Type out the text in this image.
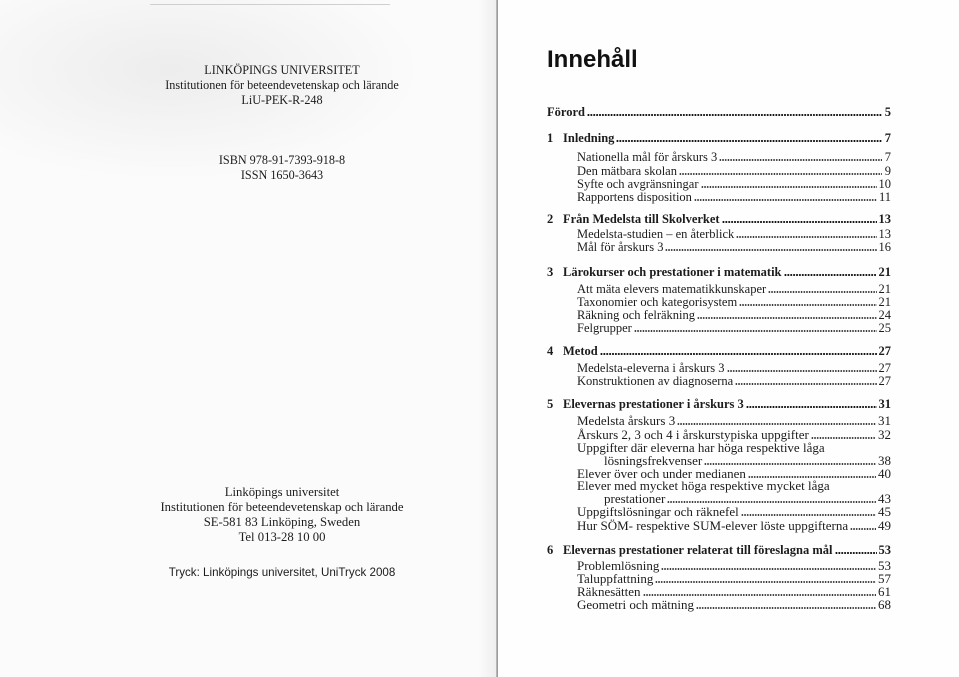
LINKÖPINGS UNIVERSITET
Institutionen för beteendevetenskap och lärande
LiU-PEK-R-248
ISBN 978-91-7393-918-8
ISSN 1650-3643
Linköpings universitet
Institutionen för beteendevetenskap och lärande
SE-581 83 Linköping, Sweden
Tel 013-28 10 00
Tryck: Linköpings universitet, UniTryck 2008
Innehåll
Förord	5
1 Inledning	7
Nationella mål för årskurs 3	7
Den mätbara skolan	9
Syfte och avgränsningar	10
Rapportens disposition	11
2 Från Medelsta till Skolverket	13
Medelsta-studien – en återblick	13
Mål för årskurs 3	16
3 Lärokurser och prestationer i matematik	21
Att mäta elevers matematikkunskaper	21
Taxonomier och kategorisystem	21
Räkning och felräkning	24
Felgrupper	25
4 Metod	27
Medelsta-eleverna i årskurs 3	27
Konstruktionen av diagnoserna	27
5 Elevernas prestationer i årskurs 3	31
Medelsta årskurs 3	31
Årskurs 2, 3 och 4 i årskurstypiska uppgifter	32
Uppgifter där eleverna har höga respektive låga
lösningsfrekvenser	38
Elever över och under medianen	40
Elever med mycket höga respektive mycket låga
prestationer	43
Uppgiftslösningar och räknefel	45
Hur SÖM- respektive SUM-elever löste uppgifterna 49
6 Elevernas prestationer relaterat till föreslagna mål	53
Problemlösning	53
Taluppfattning	57
Räknesätten	61
Geometri och mätning	68
